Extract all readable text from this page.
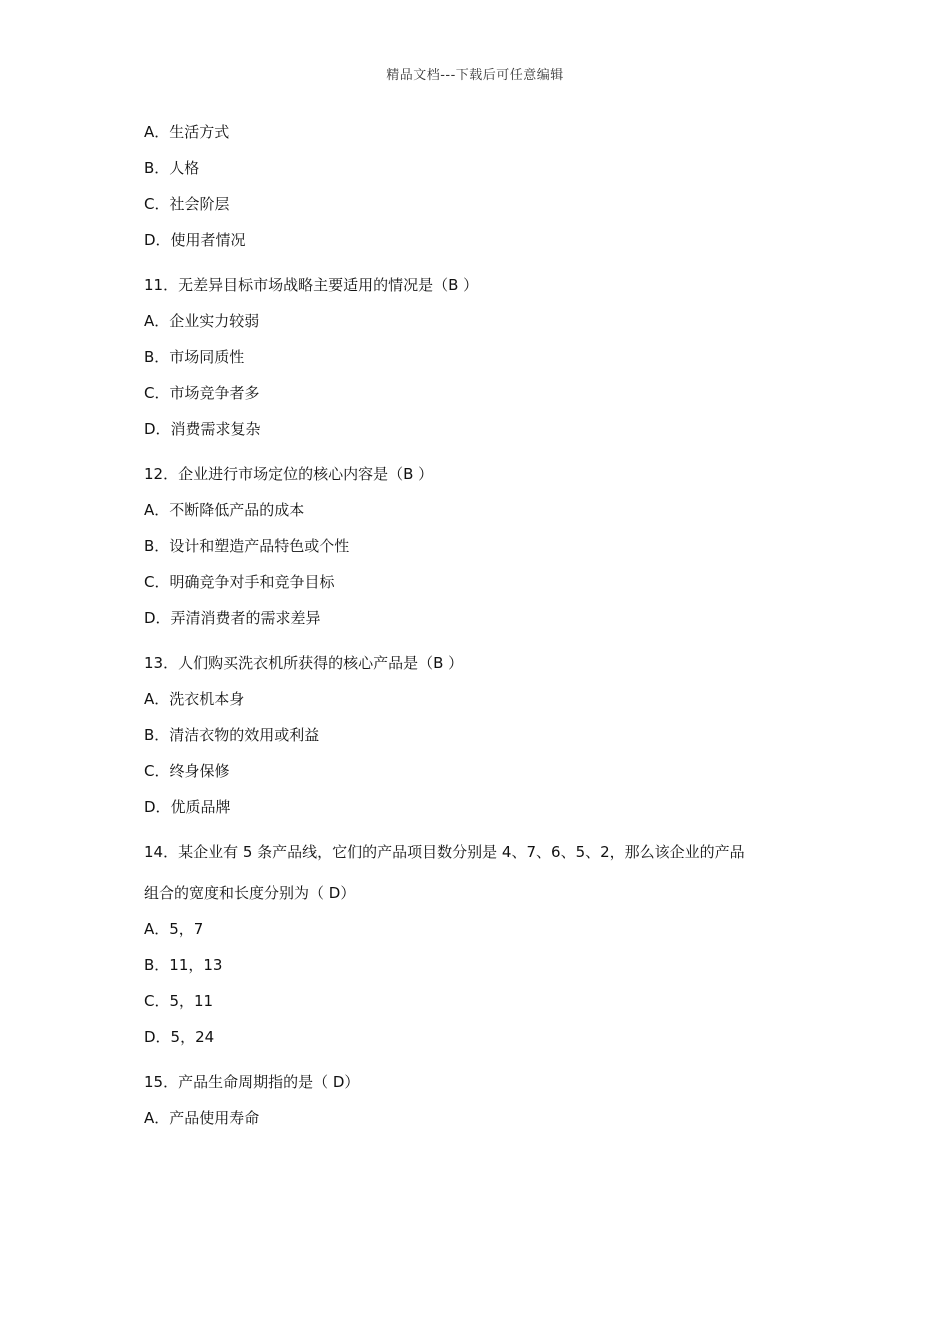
精品文档---下载后可任意编辑
A．生活方式
B．人格
C．社会阶层
D．使用者情况
11．无差异目标市场战略主要适用的情况是（B ）
A．企业实力较弱
B．市场同质性
C．市场竞争者多
D．消费需求复杂
12．企业进行市场定位的核心内容是（B ）
A．不断降低产品的成本
B．设计和塑造产品特色或个性
C．明确竞争对手和竞争目标
D．弄清消费者的需求差异
13．人们购买洗衣机所获得的核心产品是（B ）
A．洗衣机本身
B．清洁衣物的效用或利益
C．终身保修
D．优质品牌
14．某企业有 5 条产品线，它们的产品项目数分别是 4、7、6、5、2，那么该企业的产品
组合的宽度和长度分别为（ D）
A．5，7
B．11，13
C．5，11
D．5，24
15．产品生命周期指的是（ D）
A．产品使用寿命
